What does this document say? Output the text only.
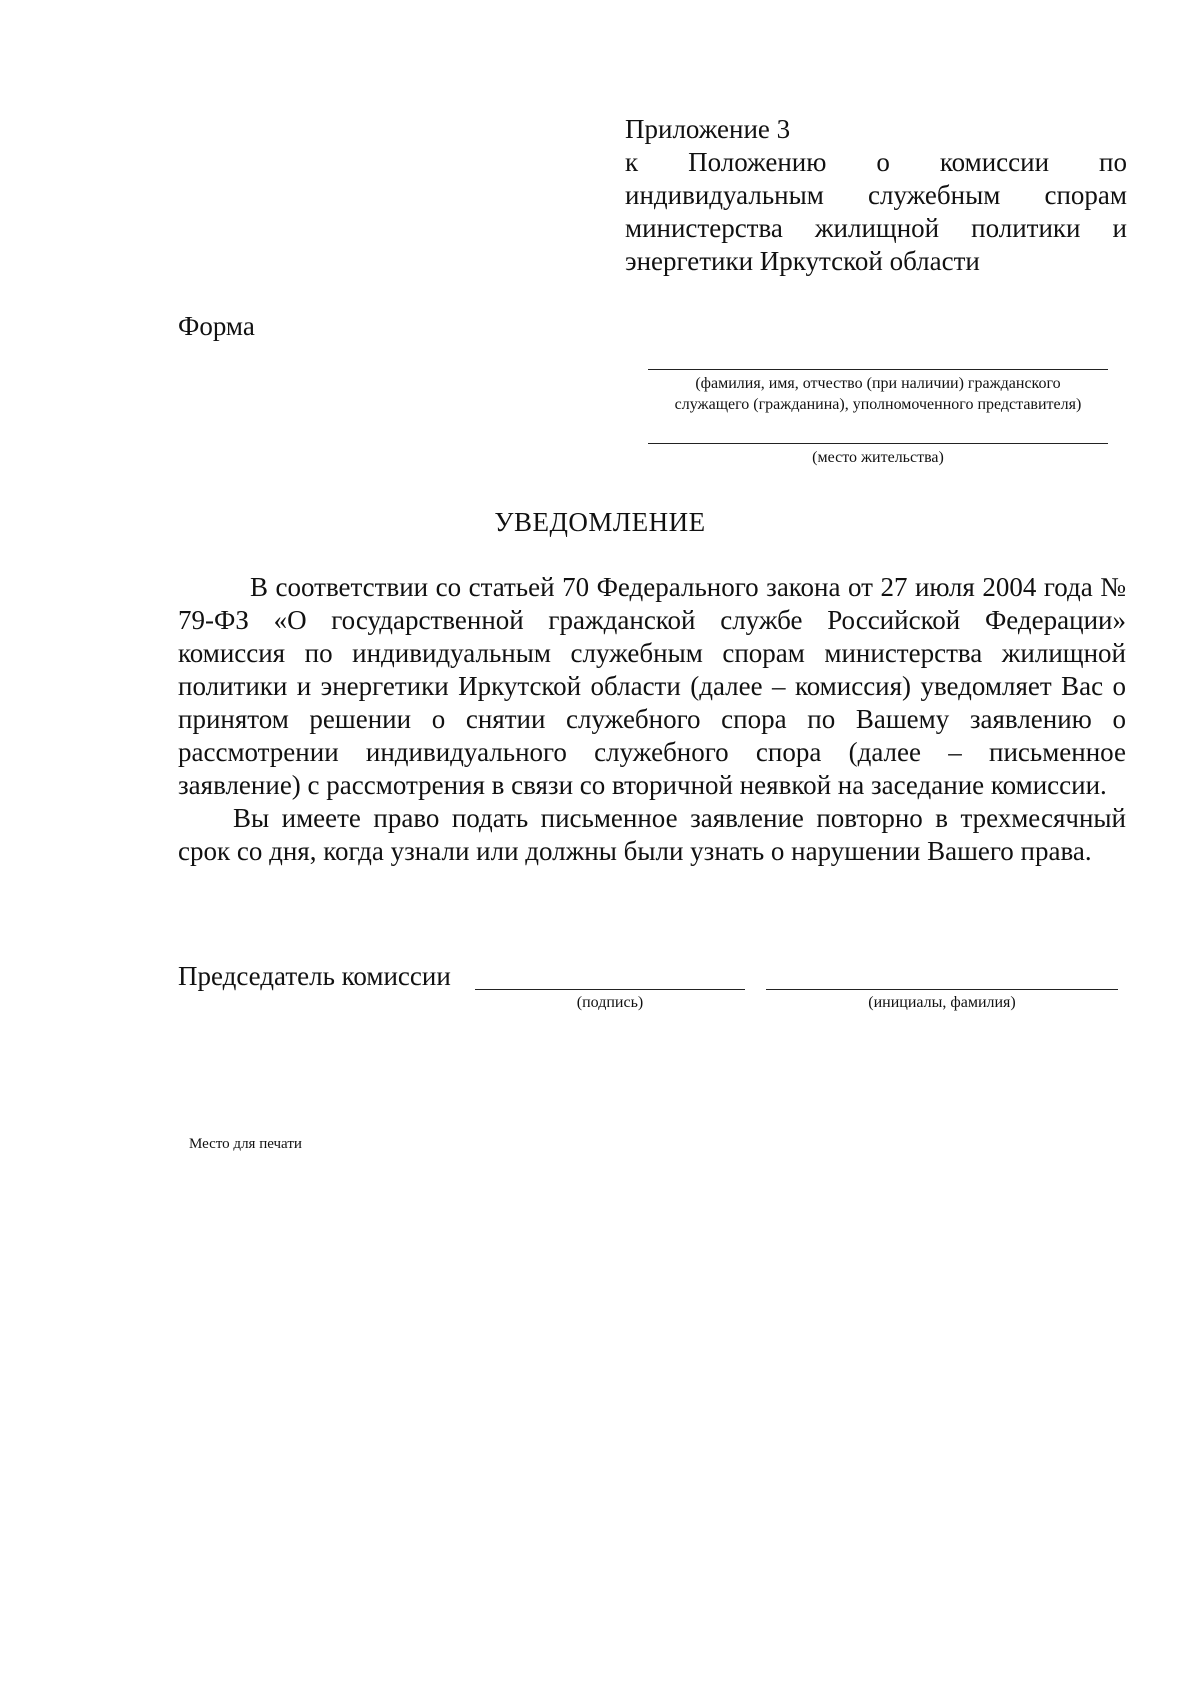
Приложение 3
к Положению о комиссии по
индивидуальным служебным спорам
министерства жилищной политики и
энергетики Иркутской области
Форма
(фамилия, имя, отчество (при наличии) гражданского
служащего (гражданина), уполномоченного представителя)
(место жительства)
УВЕДОМЛЕНИЕ

В соответствии со статьей 70 Федерального закона от 27 июля 2004 года № 79-ФЗ «О государственной гражданской службе Российской Федерации» комиссия по индивидуальным служебным спорам министерства жилищной политики и энергетики Иркутской области (далее – комиссия) уведомляет Вас о принятом решении о снятии служебного спора по Вашему заявлению о рассмотрении индивидуального служебного спора (далее – письменное заявление) с рассмотрения в связи со вторичной неявкой на заседание комиссии.

Вы имеете право подать письменное заявление повторно в трехмесячный срок со дня, когда узнали или должны были узнать о нарушении Вашего права.

Председатель комиссии
(подпись)	(инициалы, фамилия)
Место для печати
